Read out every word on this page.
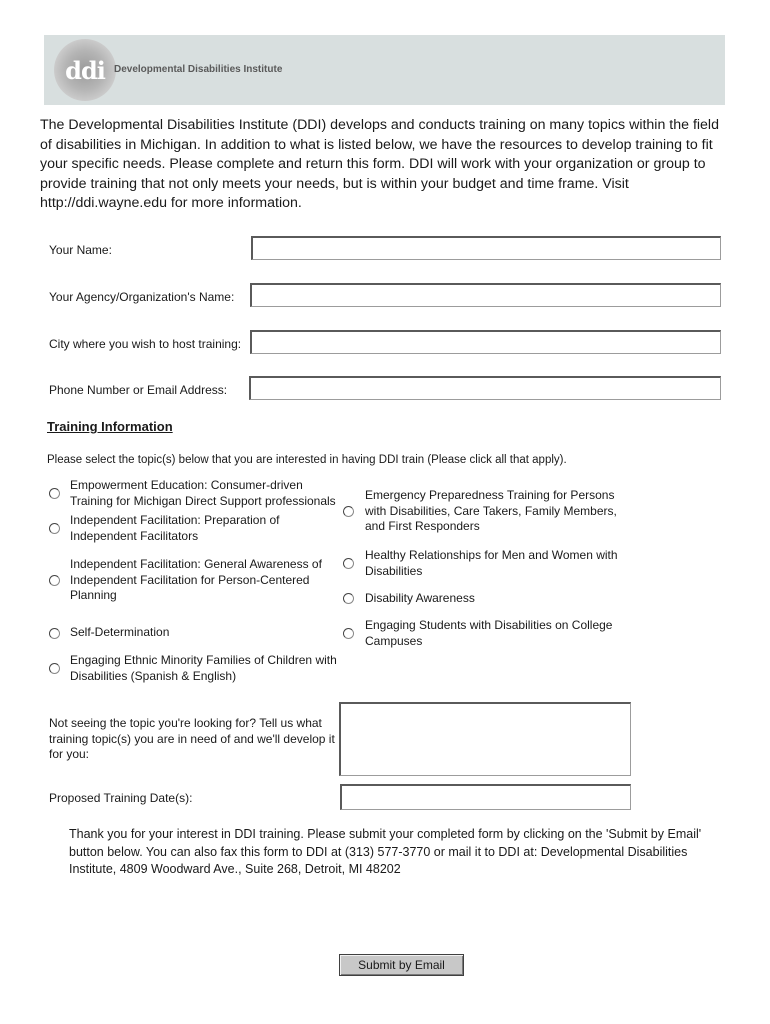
ddi Developmental Disabilities Institute
The Developmental Disabilities Institute (DDI) develops and conducts training on many topics within the field of disabilities in Michigan. In addition to what is listed below, we have the resources to develop training to fit your specific needs. Please complete and return this form. DDI will work with your organization or group to provide training that not only meets your needs, but is within your budget and time frame. Visit http://ddi.wayne.edu for more information.
Your Name:
Your Agency/Organization's Name:
City where you wish to host training:
Phone Number or Email Address:
Training Information
Please select the topic(s) below that you are interested in having DDI train (Please click all that apply).
Empowerment Education: Consumer-driven Training for Michigan Direct Support professionals
Independent Facilitation: Preparation of Independent Facilitators
Independent Facilitation: General Awareness of Independent Facilitation for Person-Centered Planning
Self-Determination
Engaging Ethnic Minority Families of Children with Disabilities (Spanish & English)
Emergency Preparedness Training for Persons with Disabilities, Care Takers, Family Members, and First Responders
Healthy Relationships for Men and Women with Disabilities
Disability Awareness
Engaging Students with Disabilities on College Campuses
Not seeing the topic you're looking for? Tell us what training topic(s) you are in need of and we'll develop it for you:
Proposed Training Date(s):
Thank you for your interest in DDI training. Please submit your completed form by clicking on the 'Submit by Email' button below. You can also fax this form to DDI at (313) 577-3770 or mail it to DDI at: Developmental Disabilities Institute, 4809 Woodward Ave., Suite 268, Detroit, MI 48202
Submit by Email
